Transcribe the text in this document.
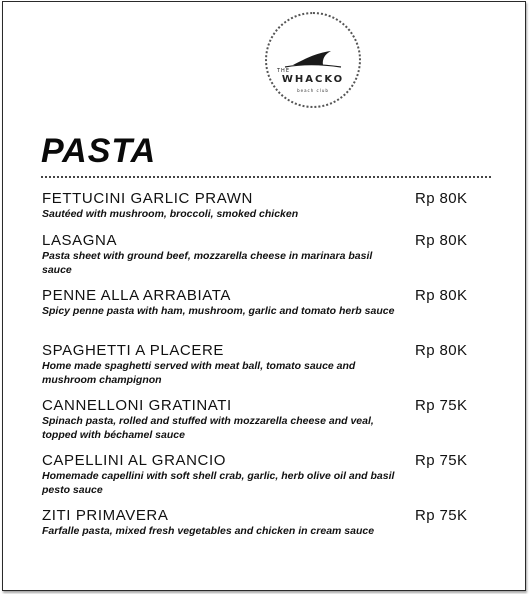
THE
WHACKO
beach club
PASTA
FETTUCINI GARLIC PRAWN	Rp 80K
Sautéed with mushroom, broccoli, smoked chicken
LASAGNA	Rp 80K
Pasta sheet with ground beef, mozzarella cheese in marinara basil sauce
PENNE ALLA ARRABIATA	Rp 80K
Spicy penne pasta with ham, mushroom, garlic and tomato herb sauce
SPAGHETTI A PLACERE	Rp 80K
Home made spaghetti served with meat ball, tomato sauce and mushroom champignon
CANNELLONI GRATINATI	Rp 75K
Spinach pasta, rolled and stuffed with mozzarella cheese and veal, topped with béchamel sauce
CAPELLINI AL GRANCIO	Rp 75K
Homemade capellini with soft shell crab, garlic, herb olive oil and basil pesto sauce
ZITI PRIMAVERA	Rp 75K
Farfalle pasta, mixed fresh vegetables and chicken in cream sauce
